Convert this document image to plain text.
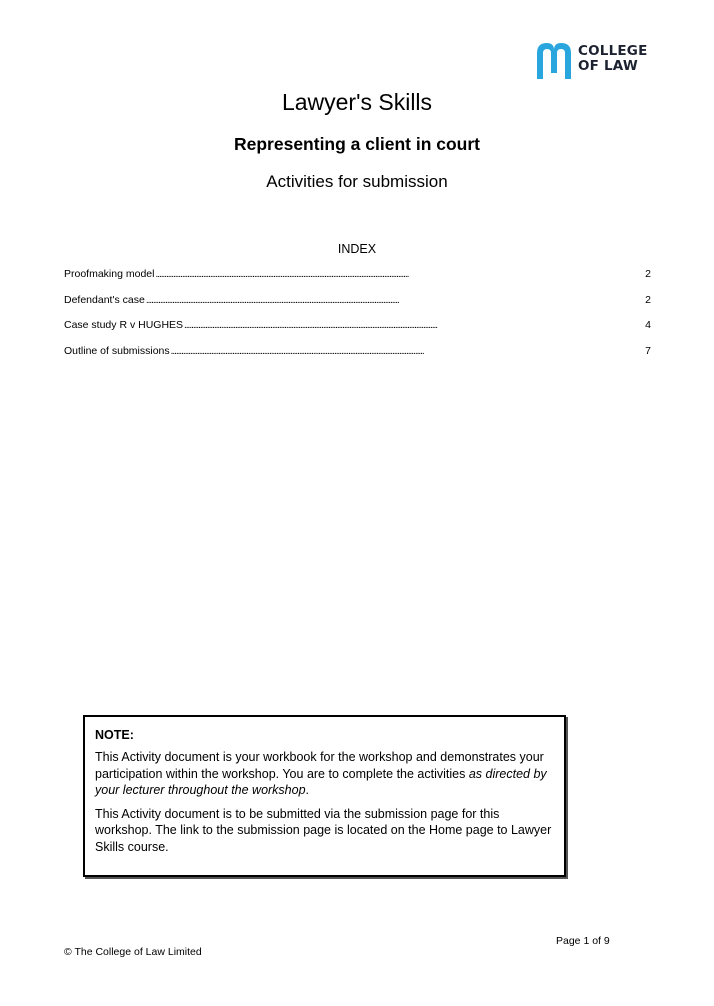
COLLEGE
OF LAW
Lawyer's Skills
Representing a client in court
Activities for submission
INDEX
Proofmaking model . . .	2
Defendant's case . . .	2
Case study R v HUGHES . . .	4
Outline of submissions . . .	7

NOTE:

This Activity document is your workbook for the workshop and demonstrates your participation within the workshop. You are to complete the activities as directed by your lecturer throughout the workshop.

This Activity document is to be submitted via the submission page for this workshop. The link to the submission page is located on the Home page to Lawyer Skills course.

Page 1 of 9
© The College of Law Limited
